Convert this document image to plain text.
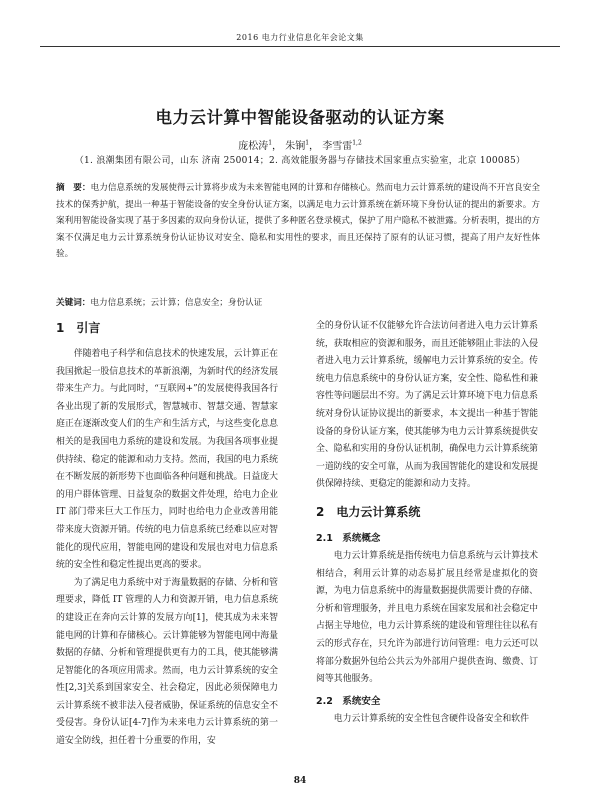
2016 电力行业信息化年会论文集
电力云计算中智能设备驱动的认证方案
庞松涛$^1$， 朱锏$^1$， 李雪雷$^{1,2}$
（1. 浪潮集团有限公司，山东 济南 250014；2. 高效能服务器与存储技术国家重点实验室，北京 100085）
摘　要：电力信息系统的发展使得云计算将步成为未来智能电网的计算和存储核心。然而电力云计算系统的建设尚不开宫良安全技术的保秀护航，提出一种基于智能设备的安全身份认证方案，以满足电力云计算系统在新环境下身份认证的提出的新要求。方案利用智能设备实现了基于多因素的双向身份认证，提供了多种匿名登录模式，保护了用户隐私不被泄露。分析表明，提出的方案不仅满足电力云计算系统身份认证协议对安全、隐私和实用性的要求，而且还保持了原有的认证习惯，提高了用户友好性体验。
关键词：电力信息系统；云计算；信息安全；身份认证
1　引言

伴随着电子科学和信息技术的快速发展，云计算正在我国掀起一股信息技术的革新浪潮，为新时代的经济发展带来生产力。与此同时，“互联网+”的发展使得我国各行各业出现了新的发展形式，智慧城市、智慧交通、智慧家庭正在逐渐改变人们的生产和生活方式，与这些变化息息相关的是我国电力系统的建设和发展。为我国各项事业提供持续、稳定的能源和动力支持。然而，我国的电力系统在不断发展的新形势下也面临各种问题和挑战。日益庞大的用户群体管理、日益复杂的数据文件处理，给电力企业 IT 部门带来巨大工作压力，同时也给电力企业改善用能带来庞大资源开销。传统的电力信息系统已经难以应对智能化的现代应用，智能电网的建设和发展也对电力信息系统的安全性和稳定性提出更高的要求。

为了满足电力系统中对于海量数据的存储、分析和管理要求，降低 IT 管理的人力和资源开销，电力信息系统的建设正在奔向云计算的发展方向[1]，使其成为未来智能电网的计算和存储核心。云计算能够为智能电网中海量数据的存储、分析和管理提供更有力的工具，使其能够满足智能化的各项应用需求。然而，电力云计算系统的安全性[2,3]关系到国家安全、社会稳定，因此必须保障电力云计算系统不被非法入侵者威胁，保证系统的信息安全不受侵害。身份认证[4-7]作为未来电力云计算系统的第一道安全防线，担任着十分重要的作用，安

全的身份认证不仅能够允许合法访问者进入电力云计算系统，获取相应的资源和服务，而且还能够阻止非法的入侵者进入电力云计算系统，缓解电力云计算系统的安全。传统电力信息系统中的身份认证方案，安全性、隐私性和兼容性等问题层出不穷。为了满足云计算环境下电力信息系统对身份认证协议提出的新要求，本文提出一种基于智能设备的身份认证方案，使其能够为电力云计算系统提供安全、隐私和实用的身份认证机制，确保电力云计算系统第一道防线的安全可靠，从而为我国智能化的建设和发展提供保障持续、更稳定的能源和动力支持。

2　电力云计算系统
2.1　系统概念

电力云计算系统是指传统电力信息系统与云计算技术相结合，利用云计算的动态易扩展且经常是虚拟化的资源，为电力信息系统中的海量数据提供需要计费的存储、分析和管理服务，并且电力系统在国家发展和社会稳定中占据主导地位，电力云计算系统的建设和管理往往以私有云的形式存在，只允许为部进行访问管理：电力云还可以将部分数据外包给公共云为外部用户提供查询、缴费、订阅等其他服务。

2.2　系统安全

电力云计算系统的安全性包含硬件设备安全和软件

84
